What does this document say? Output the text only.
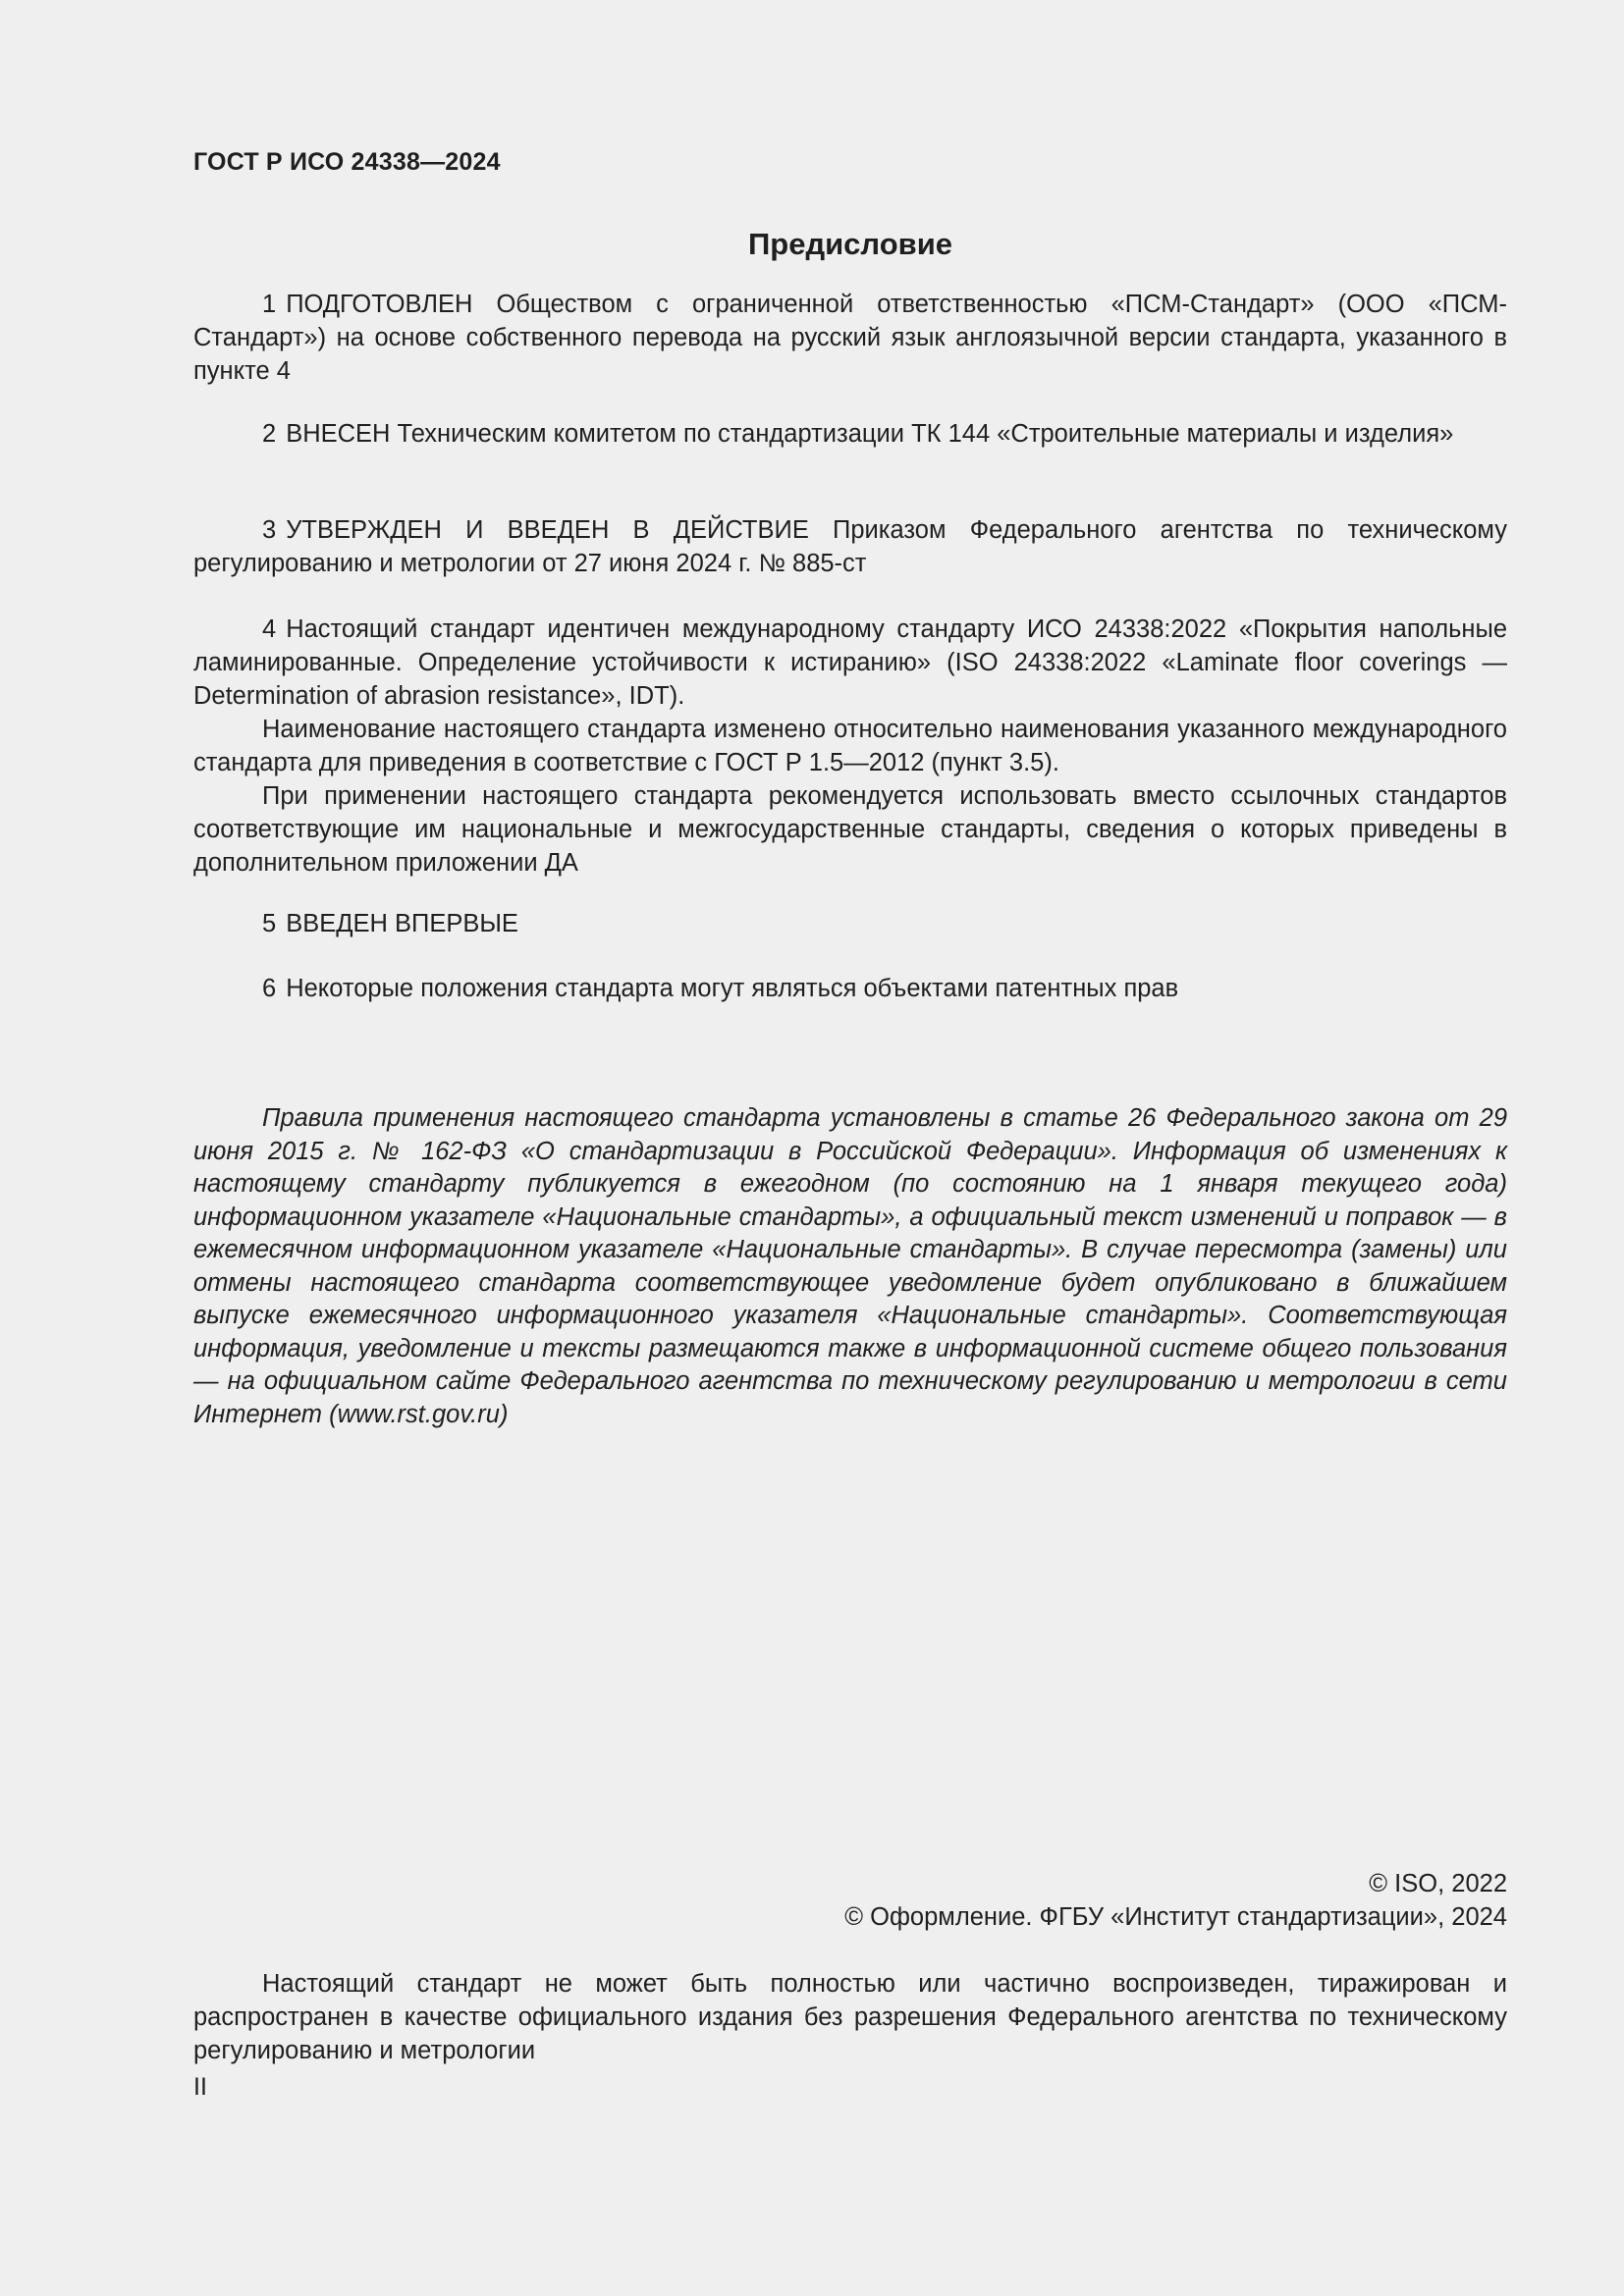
ГОСТ Р ИСО 24338—2024
Предисловие

1 ПОДГОТОВЛЕН Обществом с ограниченной ответственностью «ПСМ-Стандарт» (ООО «ПСМ-Стандарт») на основе собственного перевода на русский язык англоязычной версии стандарта, указанного в пункте 4

2 ВНЕСЕН Техническим комитетом по стандартизации ТК 144 «Строительные материалы и изделия»

3 УТВЕРЖДЕН И ВВЕДЕН В ДЕЙСТВИЕ Приказом Федерального агентства по техническому регулированию и метрологии от 27 июня 2024 г. № 885-ст

4 Настоящий стандарт идентичен международному стандарту ИСО 24338:2022 «Покрытия напольные ламинированные. Определение устойчивости к истиранию» (ISO 24338:2022 «Laminate floor coverings — Determination of abrasion resistance», IDT).

Наименование настоящего стандарта изменено относительно наименования указанного международного стандарта для приведения в соответствие с ГОСТ Р 1.5—2012 (пункт 3.5).

При применении настоящего стандарта рекомендуется использовать вместо ссылочных стандартов соответствующие им национальные и межгосударственные стандарты, сведения о которых приведены в дополнительном приложении ДА

5 ВВЕДЕН ВПЕРВЫЕ

6 Некоторые положения стандарта могут являться объектами патентных прав

Правила применения настоящего стандарта установлены в статье 26 Федерального закона от 29 июня 2015 г. № 162-ФЗ «О стандартизации в Российской Федерации». Информация об изменениях к настоящему стандарту публикуется в ежегодном (по состоянию на 1 января текущего года) информационном указателе «Национальные стандарты», а официальный текст изменений и поправок — в ежемесячном информационном указателе «Национальные стандарты». В случае пересмотра (замены) или отмены настоящего стандарта соответствующее уведомление будет опубликовано в ближайшем выпуске ежемесячного информационного указателя «Национальные стандарты». Соответствующая информация, уведомление и тексты размещаются также в информационной системе общего пользования — на официальном сайте Федерального агентства по техническому регулированию и метрологии в сети Интернет (www.rst.gov.ru)

© ISO, 2022
© Оформление. ФГБУ «Институт стандартизации», 2024

Настоящий стандарт не может быть полностью или частично воспроизведен, тиражирован и распространен в качестве официального издания без разрешения Федерального агентства по техническому регулированию и метрологии

II
